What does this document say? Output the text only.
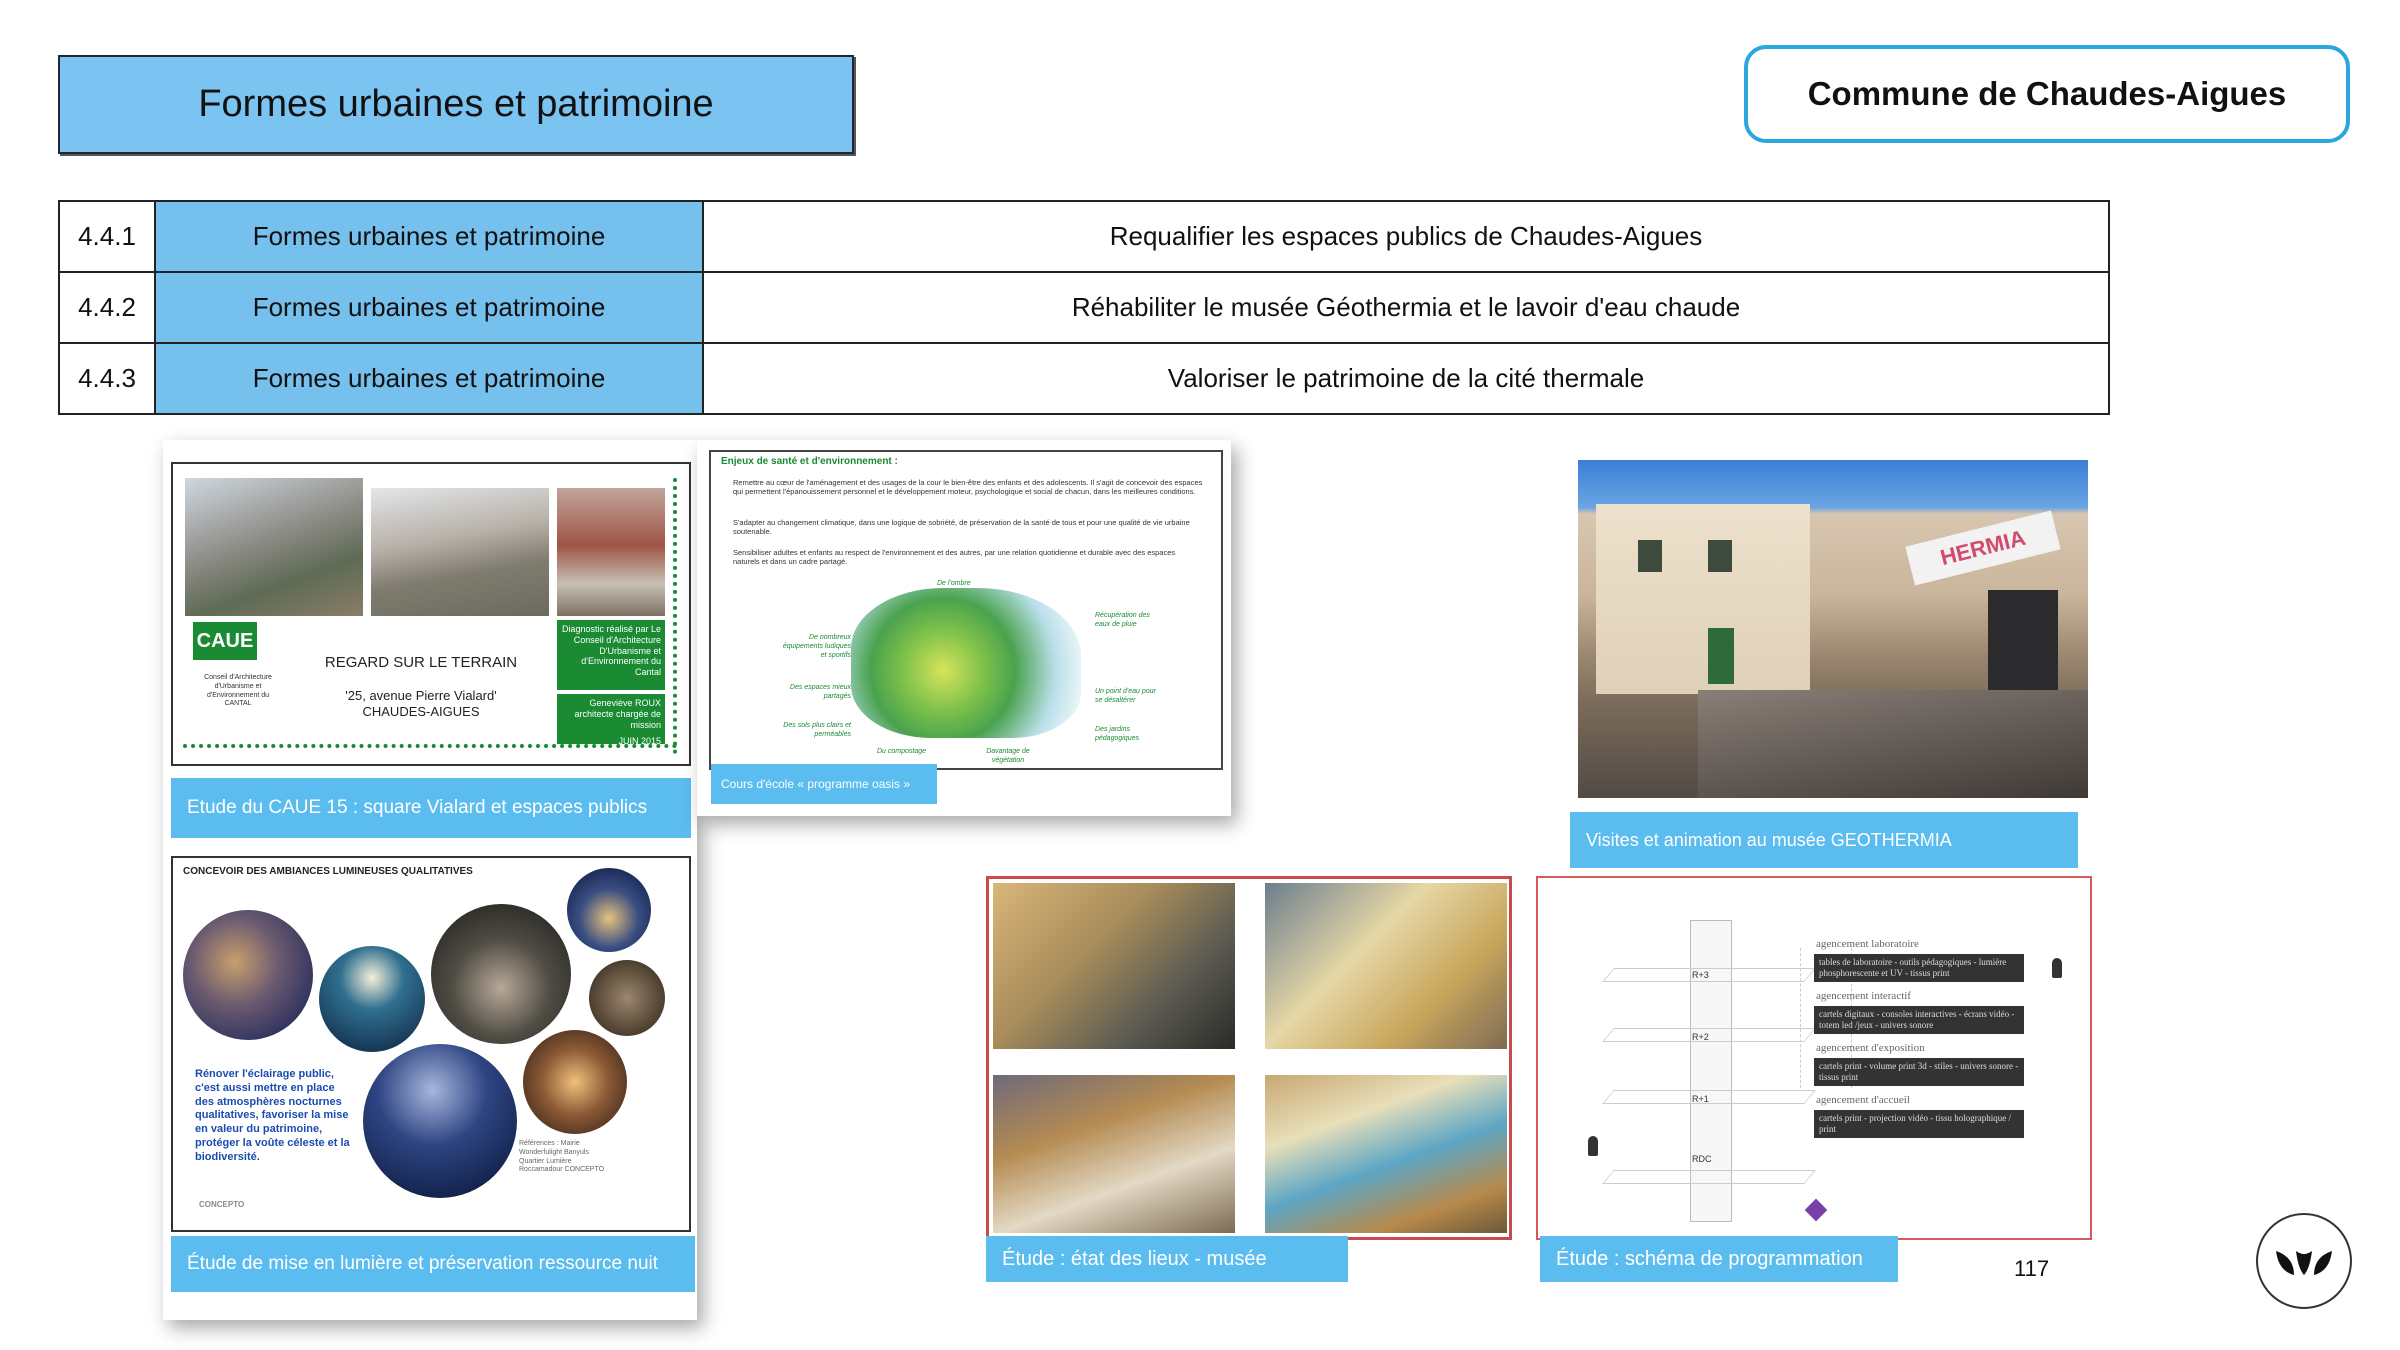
Formes urbaines et patrimoine	Commune de Chaudes-Aigues
4.4.1	Formes urbaines et patrimoine	Requalifier les espaces publics de Chaudes-Aigues
4.4.2	Formes urbaines et patrimoine	Réhabiliter le musée Géothermia et le lavoir d'eau chaude
4.4.3	Formes urbaines et patrimoine	Valoriser le patrimoine de la cité thermale
CAUE
Conseil d'Architecture d'Urbanisme et d'Environnement du CANTAL
REGARD SUR LE TERRAIN
'25, avenue Pierre Vialard'
CHAUDES-AIGUES
Diagnostic réalisé par Le Conseil d'Architecture D'Urbanisme et d'Environnement du Cantal
Geneviève ROUX architecte chargée de mission
JUIN 2015
Etude du CAUE 15 : square Vialard et espaces publics
CONCEVOIR DES AMBIANCES LUMINEUSES QUALITATIVES
Rénover l'éclairage public, c'est aussi mettre en place des atmosphères nocturnes qualitatives, favoriser la mise en valeur du patrimoine, protéger la voûte céleste et la biodiversité.
Références : Mairie Wonderfulight Banyuls Quartier Lumière Roccamadour CONCEPTO
CONCEPTO
Étude de mise en lumière et préservation ressource nuit
Enjeux de santé et d'environnement :
Remettre au cœur de l'aménagement et des usages de la cour le bien-être des enfants et des adolescents. Il s'agit de concevoir des espaces qui permettent l'épanouissement personnel et le développement moteur, psychologique et social de chacun, dans les meilleures conditions.
S'adapter au changement climatique, dans une logique de sobriété, de préservation de la santé de tous et pour une qualité de vie urbaine soutenable.
Sensibiliser adultes et enfants au respect de l'environnement et des autres, par une relation quotidienne et durable avec des espaces naturels et dans un cadre partagé.
De l'ombre
Récupération des eaux de pluie
De nombreux équipements ludiques et sportifs
Des espaces mieux partagés
Un point d'eau pour se désaltérer
Des sols plus clairs et perméables
Des jardins pédagogiques
Du compostage	Davantage de végétation
Cours d'école « programme oasis »
HERMIA
Visites et animation au musée GEOTHERMIA
Étude : état des lieux - musée
R+3
R+2
R+1
RDC
agencement laboratoire
tables de laboratoire - outils pédagogiques - lumière phosphorescente et UV - tissus print
agencement interactif
cartels digitaux - consoles interactives - écrans vidéo - totem led /jeux - univers sonore
agencement d'exposition
cartels print - volume print 3d - stiles - univers sonore - tissus print
agencement d'accueil
cartels print - projection vidéo - tissu holographique / print
Étude : schéma de programmation	117
